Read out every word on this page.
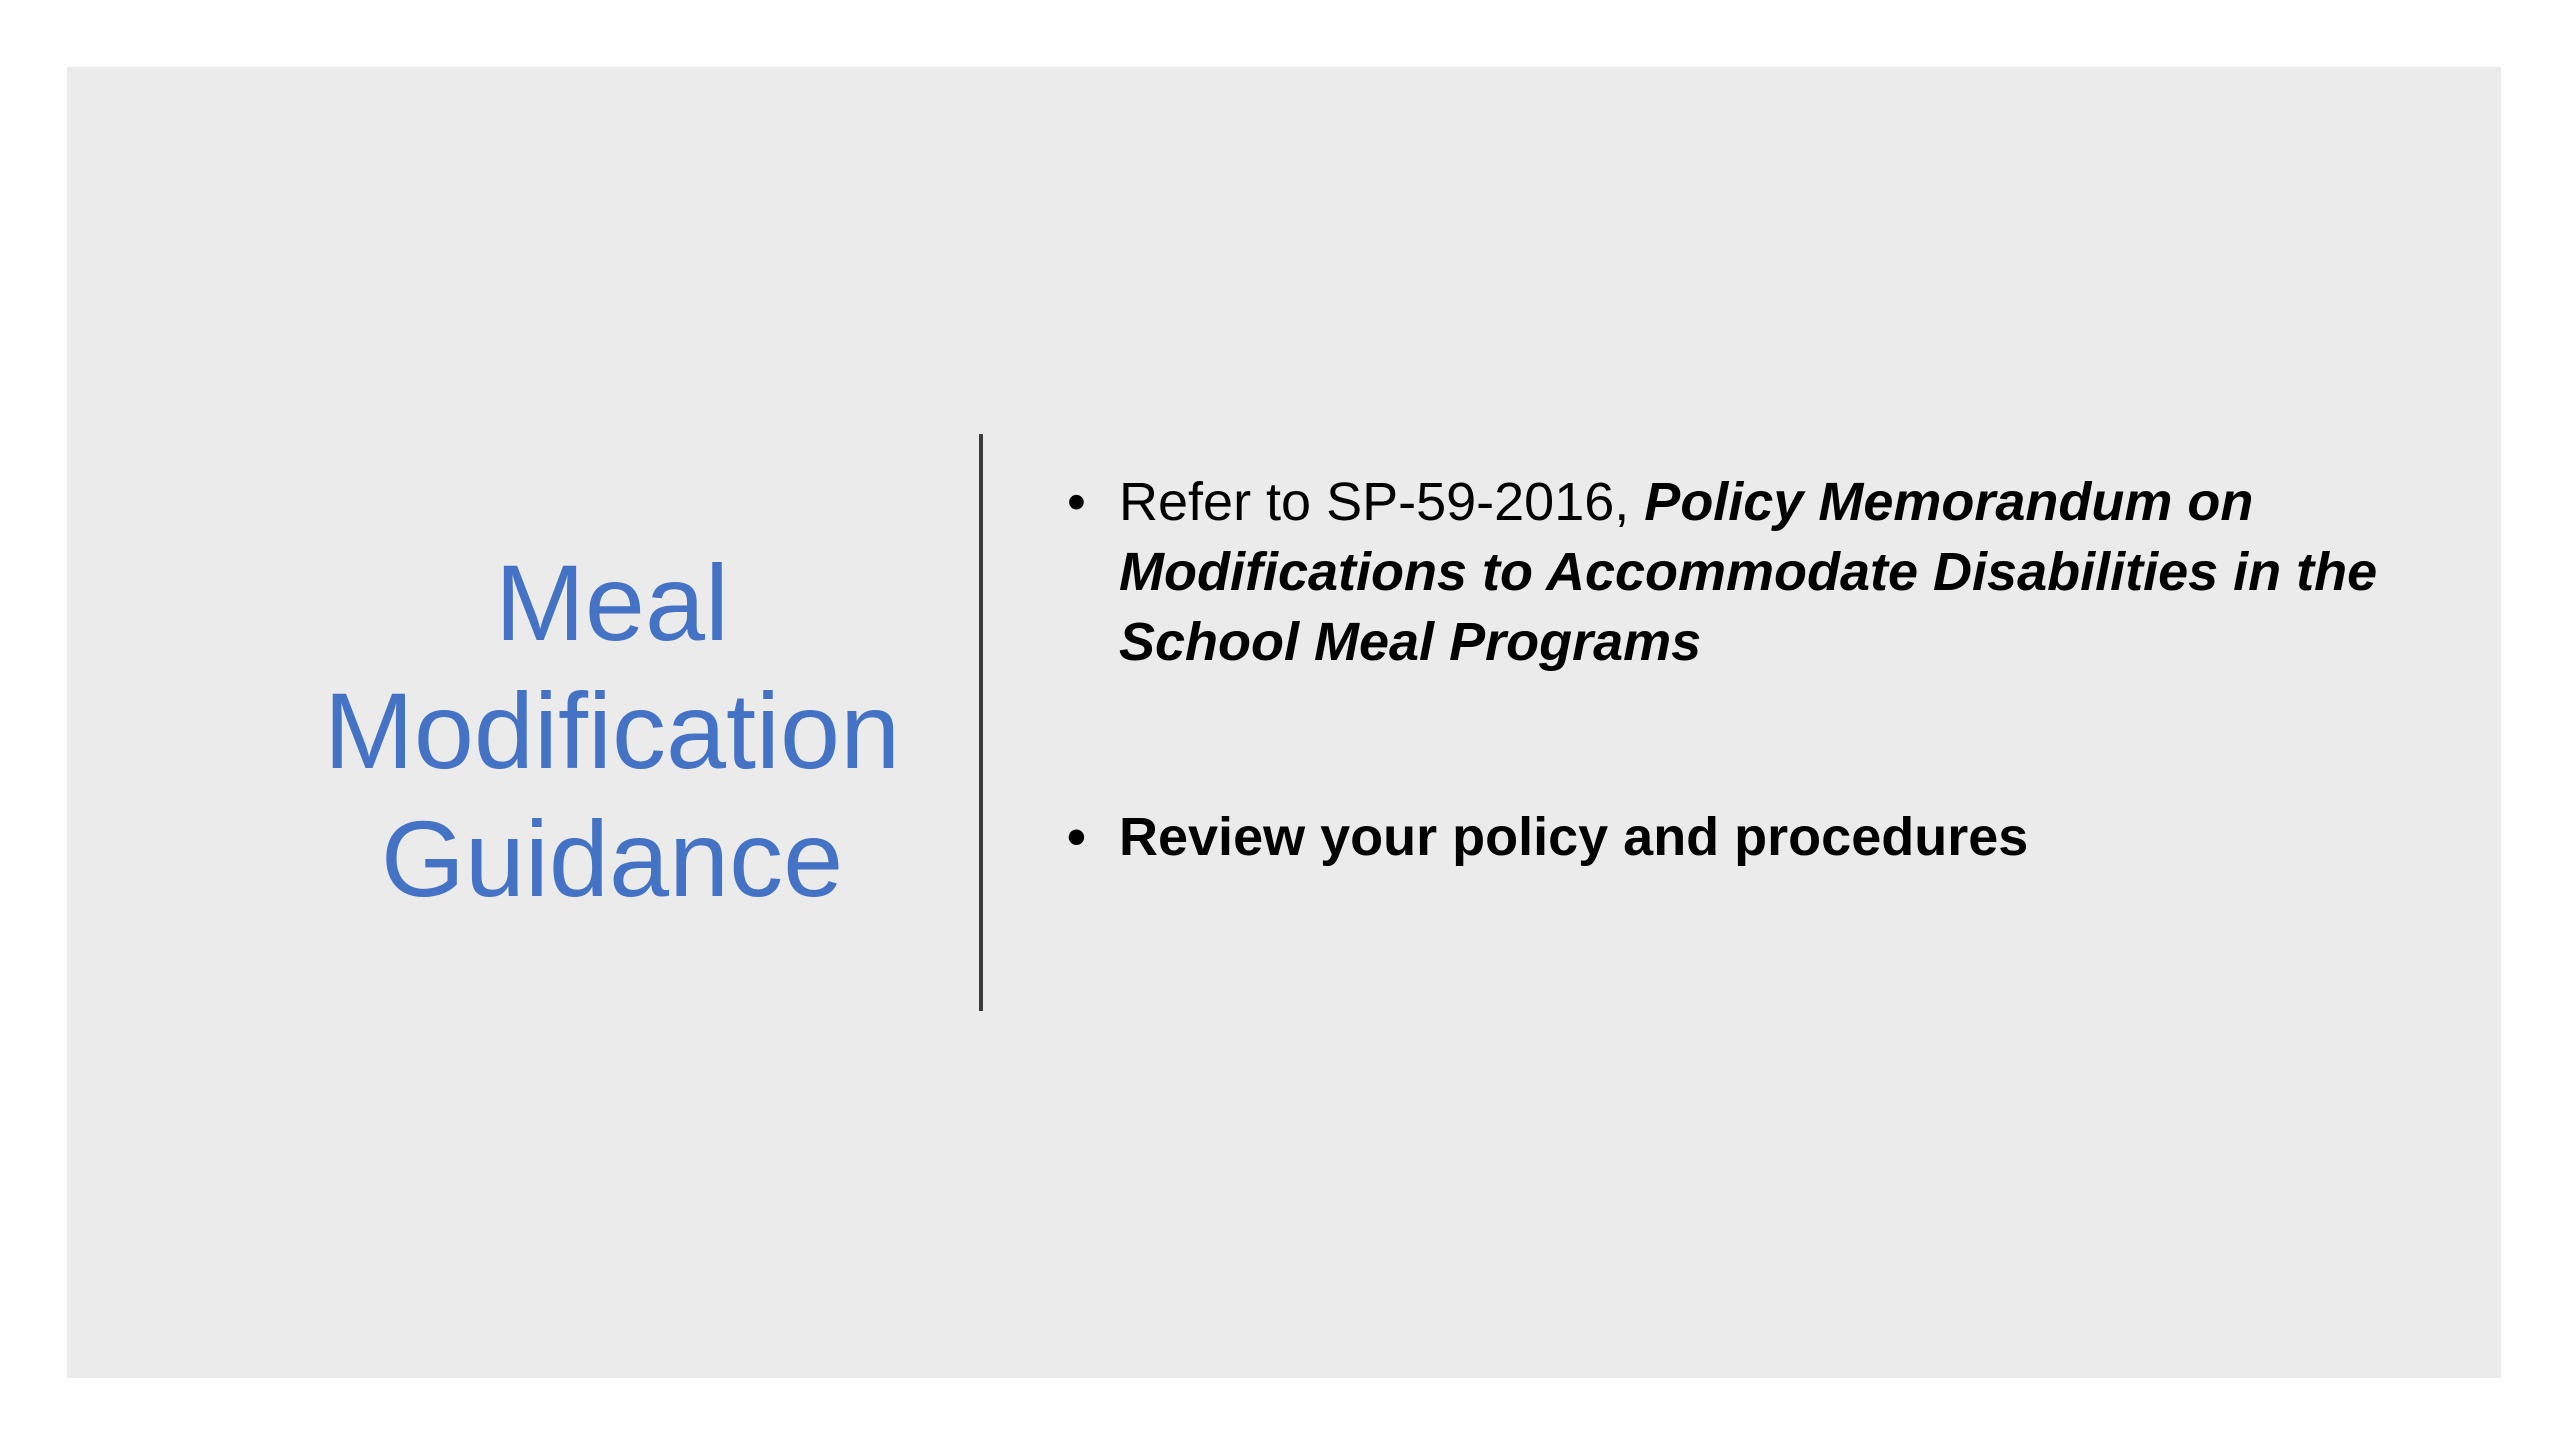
Meal
Modification
Guidance
• Refer to SP-59-2016, Policy Memorandum on Modifications to Accommodate Disabilities in the School Meal Programs
• Review your policy and procedures
